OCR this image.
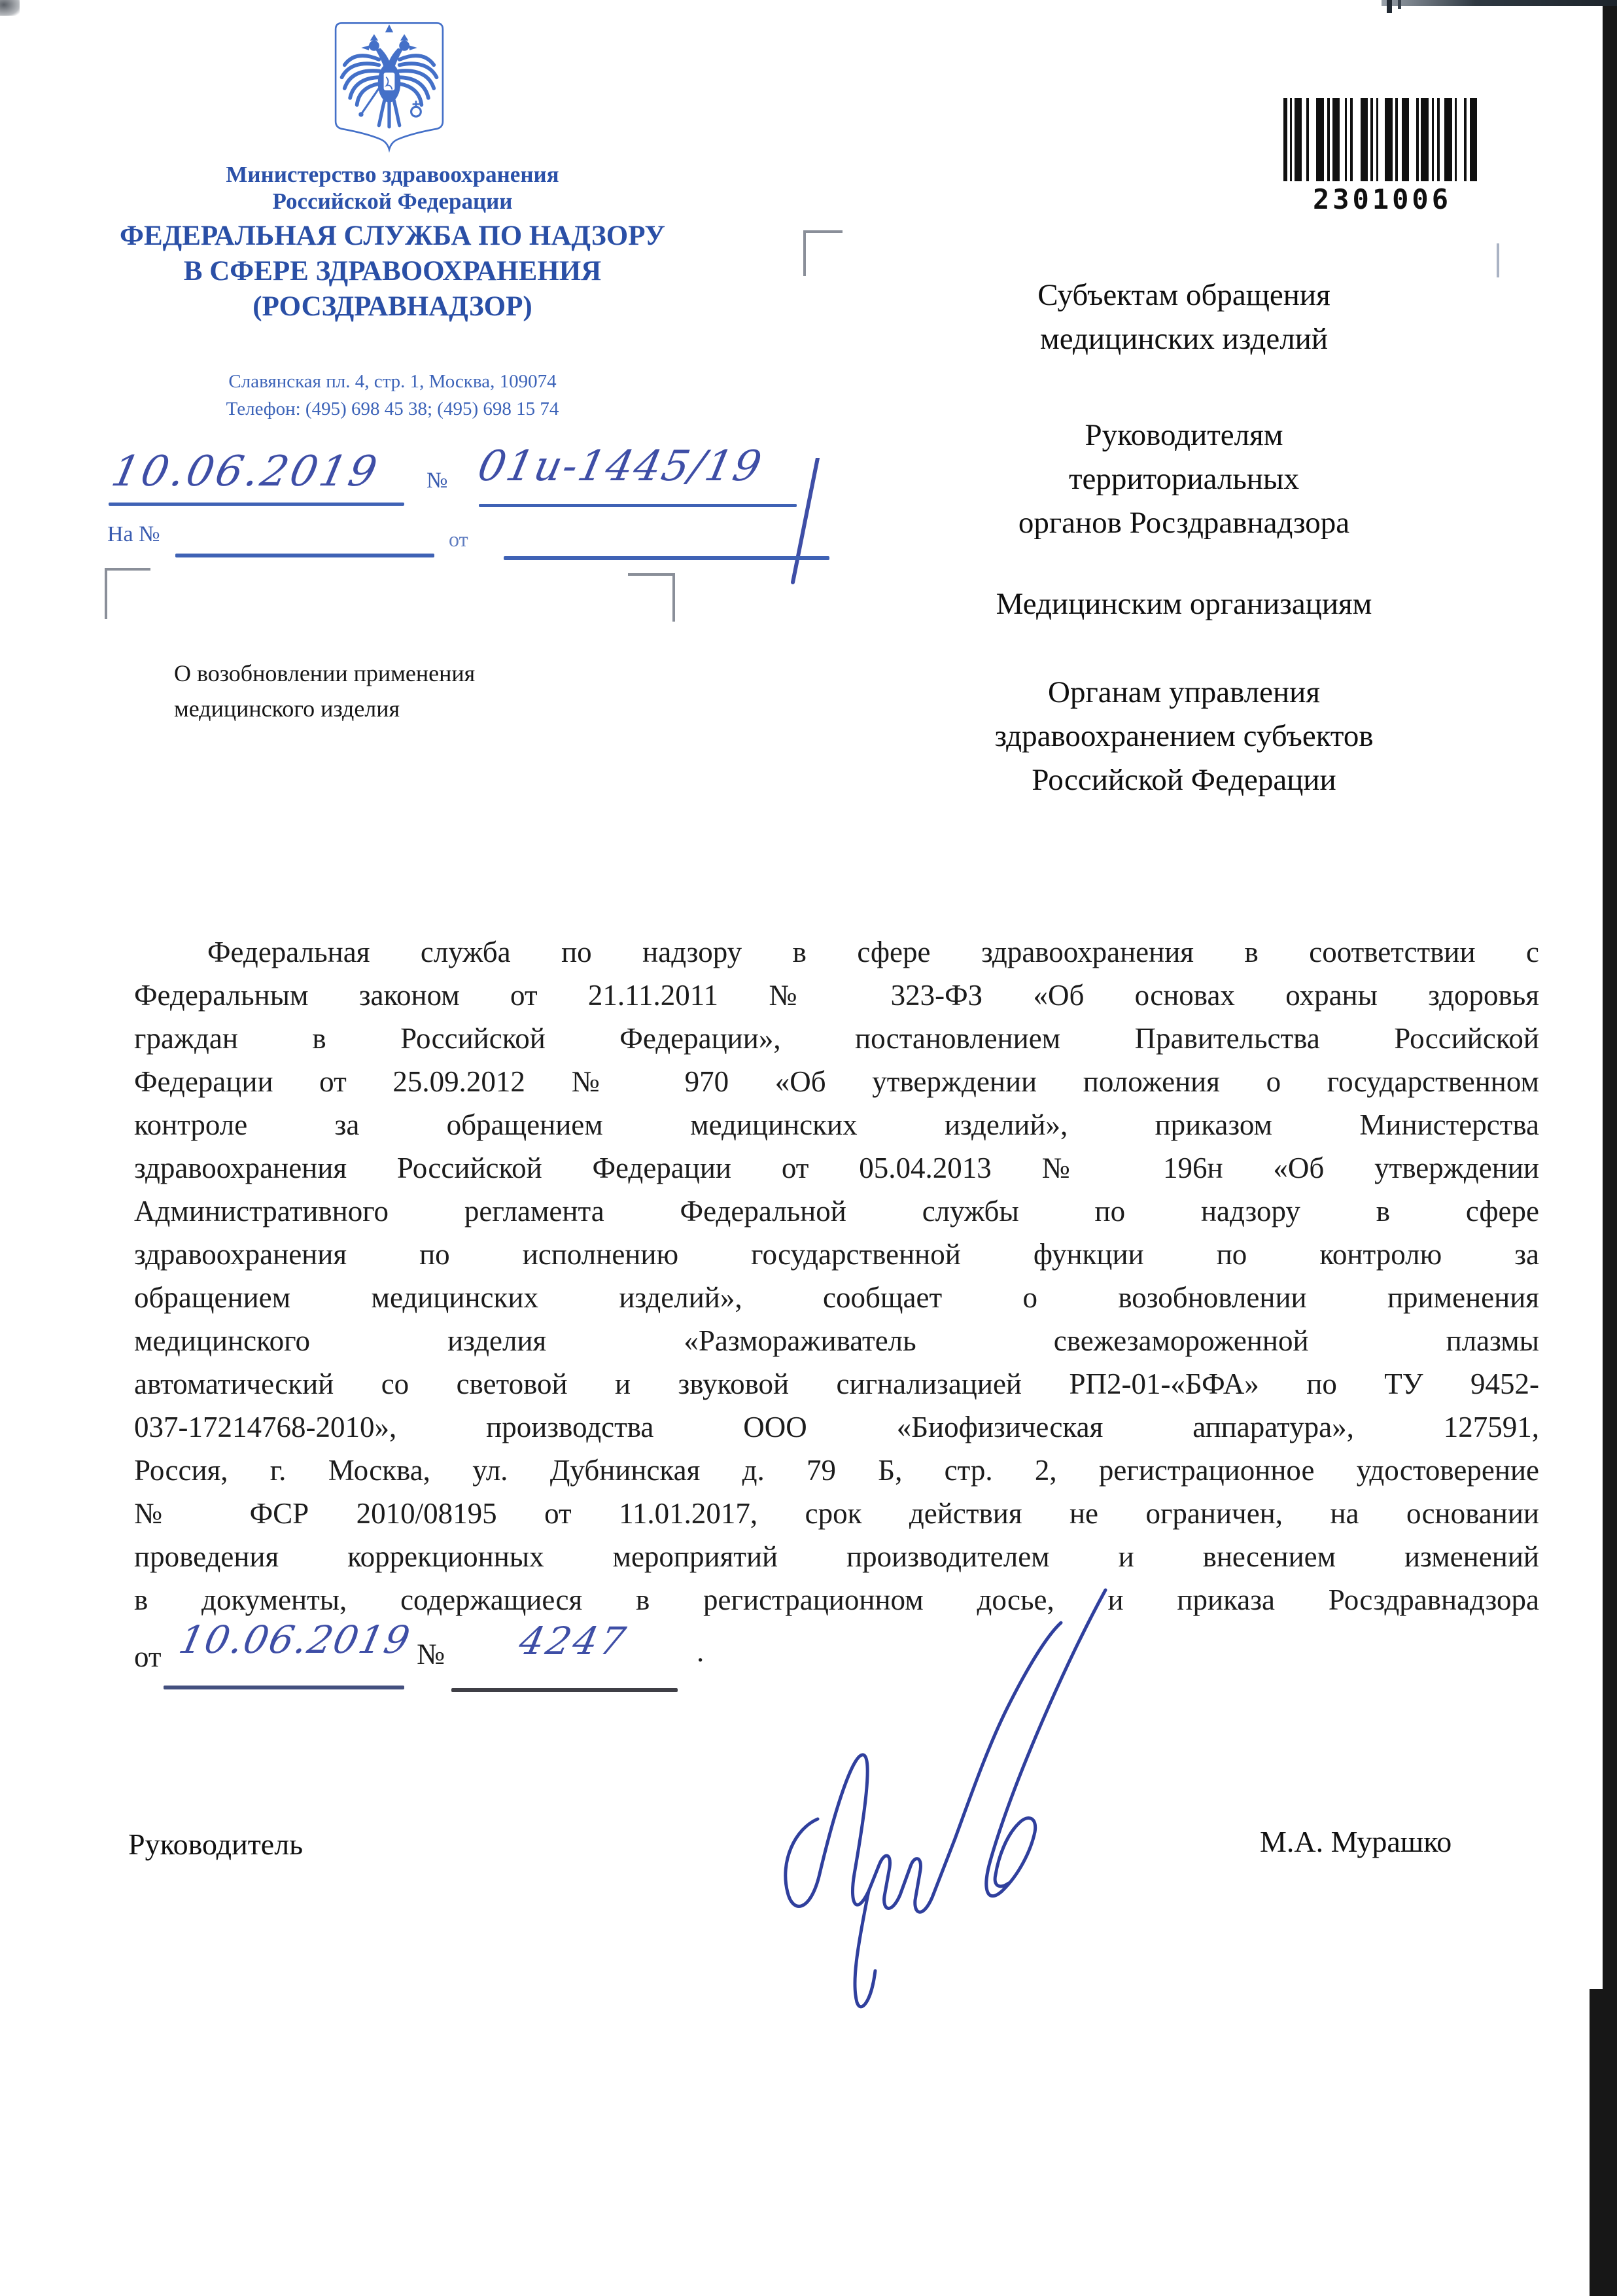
Министерство здравоохранения
Российской Федерации
ФЕДЕРАЛЬНАЯ СЛУЖБА ПО НАДЗОРУ
В СФЕРЕ ЗДРАВООХРАНЕНИЯ
(РОСЗДРАВНАДЗОР)
Славянская пл. 4, стр. 1, Москва, 109074
Телефон: (495) 698 45 38; (495) 698 15 74
10.06.2019 № 01и-1445/19
На №	от
2301006
Субъектам обращения
медицинских изделий
Руководителям
территориальных
органов Росздравнадзора
Медицинским организациям
Органам управления
здравоохранением субъектов
Российской Федерации
О возобновлении применения
медицинского изделия
Федеральная служба по надзору в сфере здравоохранения в соответствии с
Федеральным законом от 21.11.2011 № 323-ФЗ «Об основах охраны здоровья
граждан в Российской Федерации», постановлением Правительства Российской
Федерации от 25.09.2012 № 970 «Об утверждении положения о государственном
контроле за обращением медицинских изделий», приказом Министерства
здравоохранения Российской Федерации от 05.04.2013 № 196н «Об утверждении
Административного регламента Федеральной службы по надзору в сфере
здравоохранения по исполнению государственной функции по контролю за
обращением медицинских изделий», сообщает о возобновлении применения
медицинского изделия «Размораживатель свежезамороженной плазмы
автоматический со световой и звуковой сигнализацией РП2-01-«БФА» по ТУ 9452-
037-17214768-2010», производства ООО «Биофизическая аппаратура», 127591,
Россия, г. Москва, ул. Дубнинская д. 79 Б, стр. 2, регистрационное удостоверение
№ ФСР 2010/08195 от 11.01.2017, срок действия не ограничен, на основании
проведения коррекционных мероприятий производителем и внесением изменений
в документы, содержащиеся в регистрационном досье, и приказа Росздравнадзора
от 10.06.2019 № 4247 .
Руководитель	М.А. Мурашко
